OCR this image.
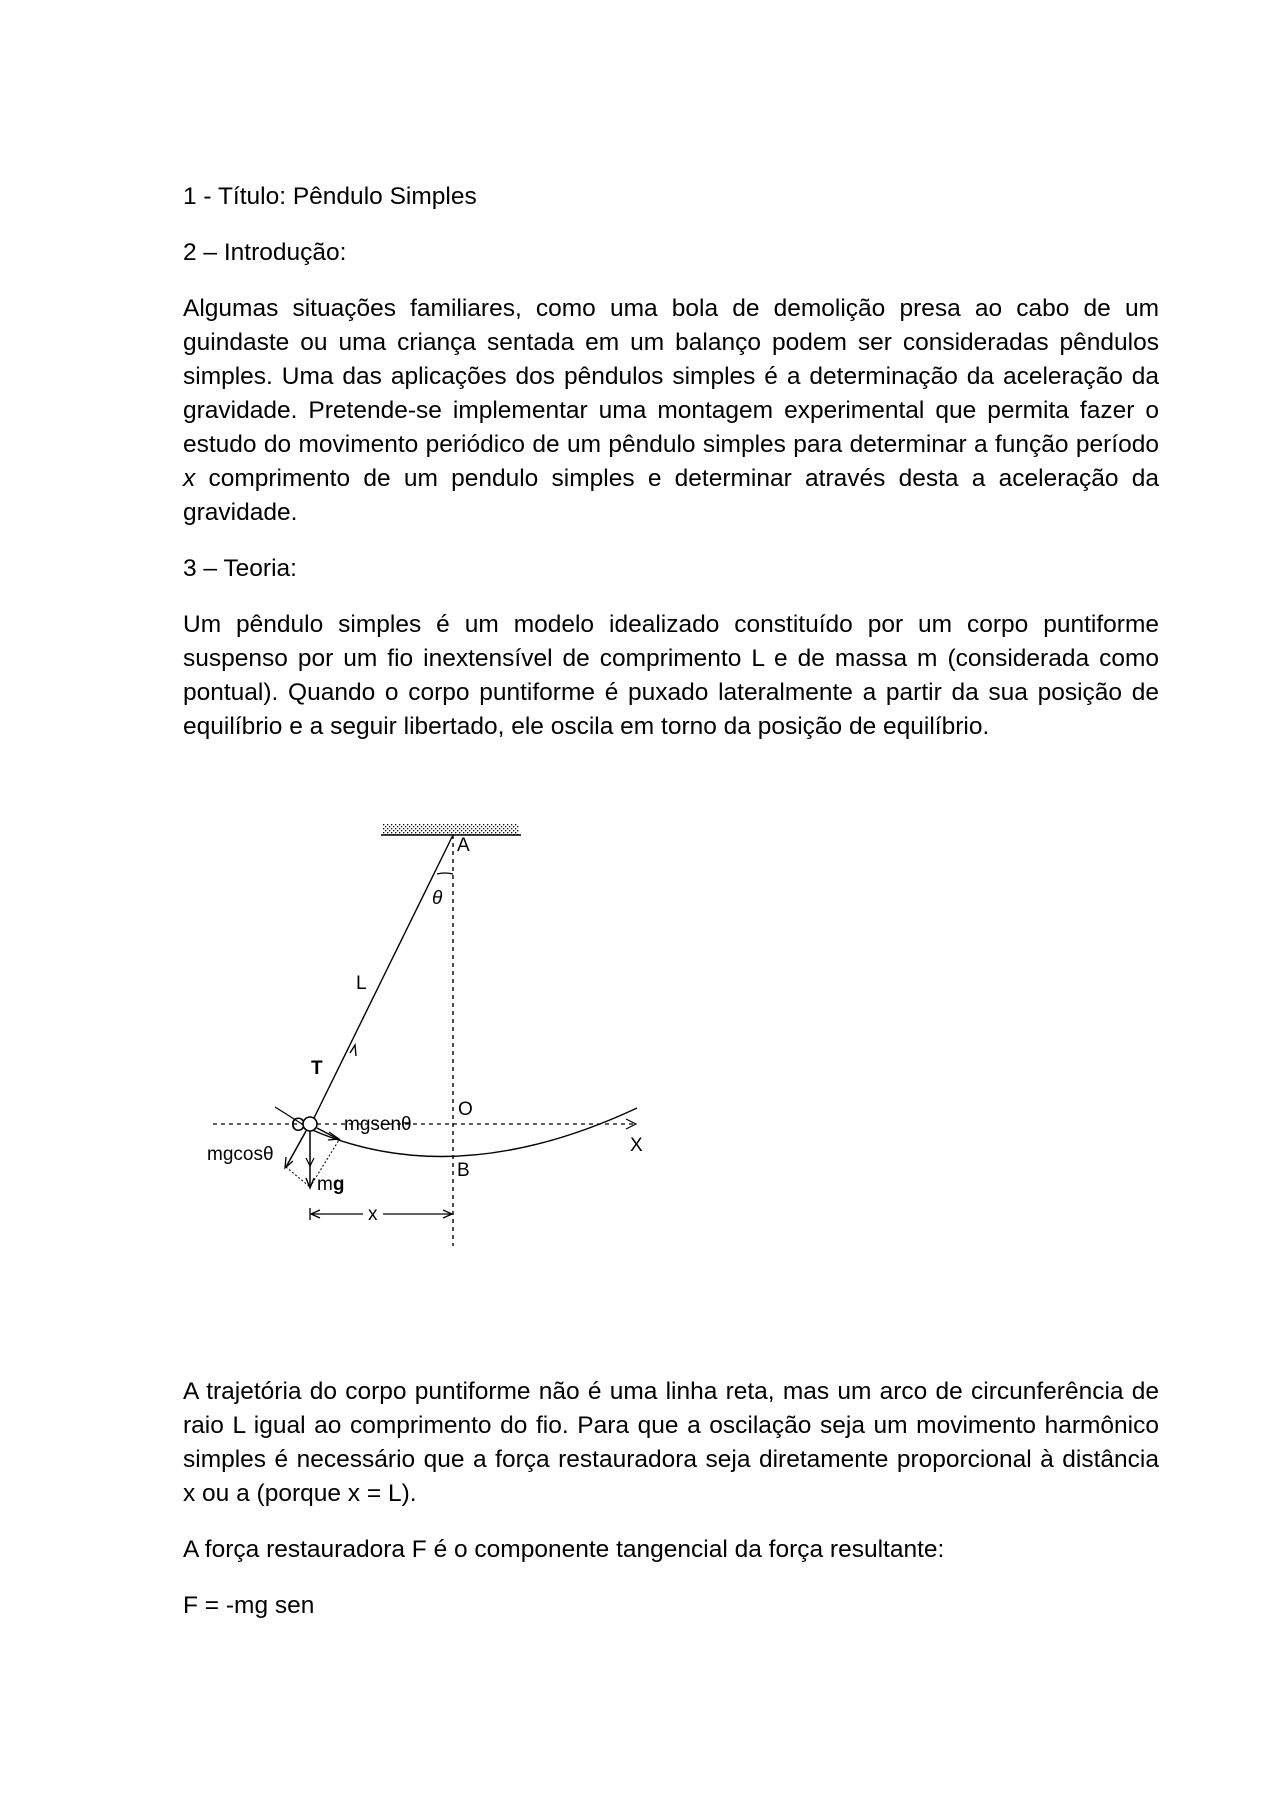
1 - Título: Pêndulo Simples

2 – Introdução:

Algumas situações familiares, como uma bola de demolição presa ao cabo de um guindaste ou uma criança sentada em um balanço podem ser consideradas pêndulos simples. Uma das aplicações dos pêndulos simples é a determinação da aceleração da gravidade. Pretende-se implementar uma montagem experimental que permita fazer o estudo do movimento periódico de um pêndulo simples para determinar a função período x comprimento de um pendulo simples e determinar através desta a aceleração da gravidade.

3 – Teoria:

Um pêndulo simples é um modelo idealizado constituído por um corpo puntiforme suspenso por um fio inextensível de comprimento L e de massa m (considerada como pontual). Quando o corpo puntiforme é puxado lateralmente a partir da sua posição de equilíbrio e a seguir libertado, ele oscila em torno da posição de equilíbrio.

A
θ
L
T
C
O
mgsenθ
X
mgcosθ
mg
B
x

A trajetória do corpo puntiforme não é uma linha reta, mas um arco de circunferência de raio L igual ao comprimento do fio. Para que a oscilação seja um movimento harmônico simples é necessário que a força restauradora seja diretamente proporcional à distância x ou a (porque x = L).

A força restauradora F é o componente tangencial da força resultante:

F = -mg sen
